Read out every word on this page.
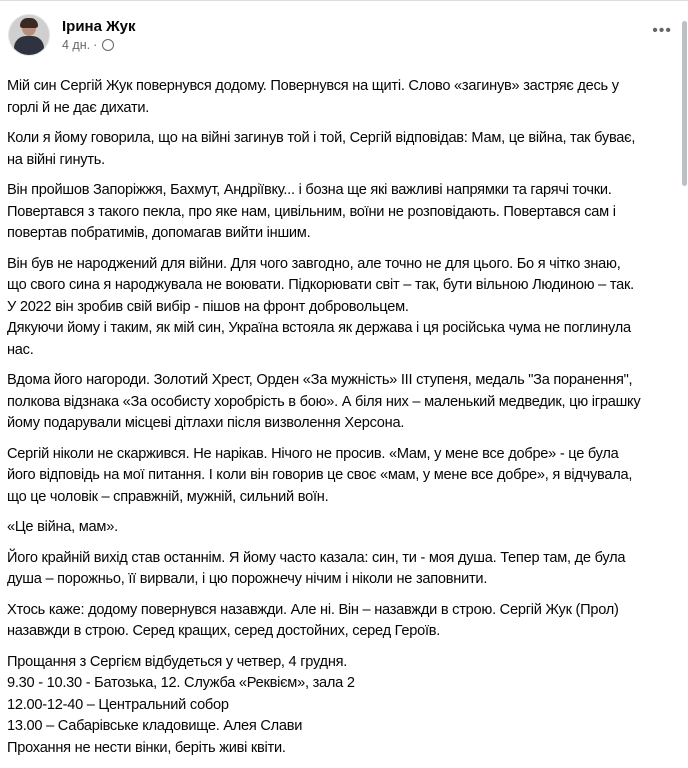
Ірина Жук
4 дн. ·
•••
Мій син Сергій Жук повернувся додому. Повернувся на щиті. Слово «загинув» застряє десь у
горлі й не дає дихати.
Коли я йому говорила, що на війні загинув той і той, Сергій відповідав: Мам, це війна, так буває,
на війні гинуть.
Він пройшов Запоріжжя, Бахмут, Андріївку... і бозна ще які важливі напрямки та гарячі точки.
Повертався з такого пекла, про яке нам, цивільним, воїни не розповідають. Повертався сам і
повертав побратимів, допомагав вийти іншим.
Він був не народжений для війни. Для чого завгодно, але точно не для цього. Бо я чітко знаю,
що свого сина я народжувала не воювати. Підкорювати світ – так, бути вільною Людиною – так.
У 2022 він зробив свій вибір - пішов на фронт добровольцем.
Дякуючи йому і таким, як мій син, Україна встояла як держава і ця російська чума не поглинула
нас.
Вдома його нагороди. Золотий Хрест, Орден «За мужність» ІІІ ступеня, медаль "За поранення",
полкова відзнака «За особисту хоробрість в бою». А біля них – маленький медведик, цю іграшку
йому подарували місцеві дітлахи після визволення Херсона.
Сергій ніколи не скаржився. Не нарікав. Нічого не просив. «Мам, у мене все добре» - це була
його відповідь на мої питання. І коли він говорив це своє «мам, у мене все добре», я відчувала,
що це чоловік – справжній, мужній, сильний воїн.
«Це війна, мам».
Його крайній вихід став останнім. Я йому часто казала: син, ти - моя душа. Тепер там, де була
душа – порожньо, її вирвали, і цю порожнечу нічим і ніколи не заповнити.
Хтось каже: додому повернувся назавжди. Але ні. Він – назавжди в строю. Сергій Жук (Прол)
назавжди в строю. Серед кращих, серед достойних, серед Героїв.
Прощання з Сергієм відбудеться у четвер, 4 грудня.
9.30 - 10.30 - Батозька, 12. Служба «Реквієм», зала 2
12.00-12-40 – Центральний собор
13.00 – Сабарівське кладовище. Алея Слави
Прохання не нести вінки, беріть живі квіти.
